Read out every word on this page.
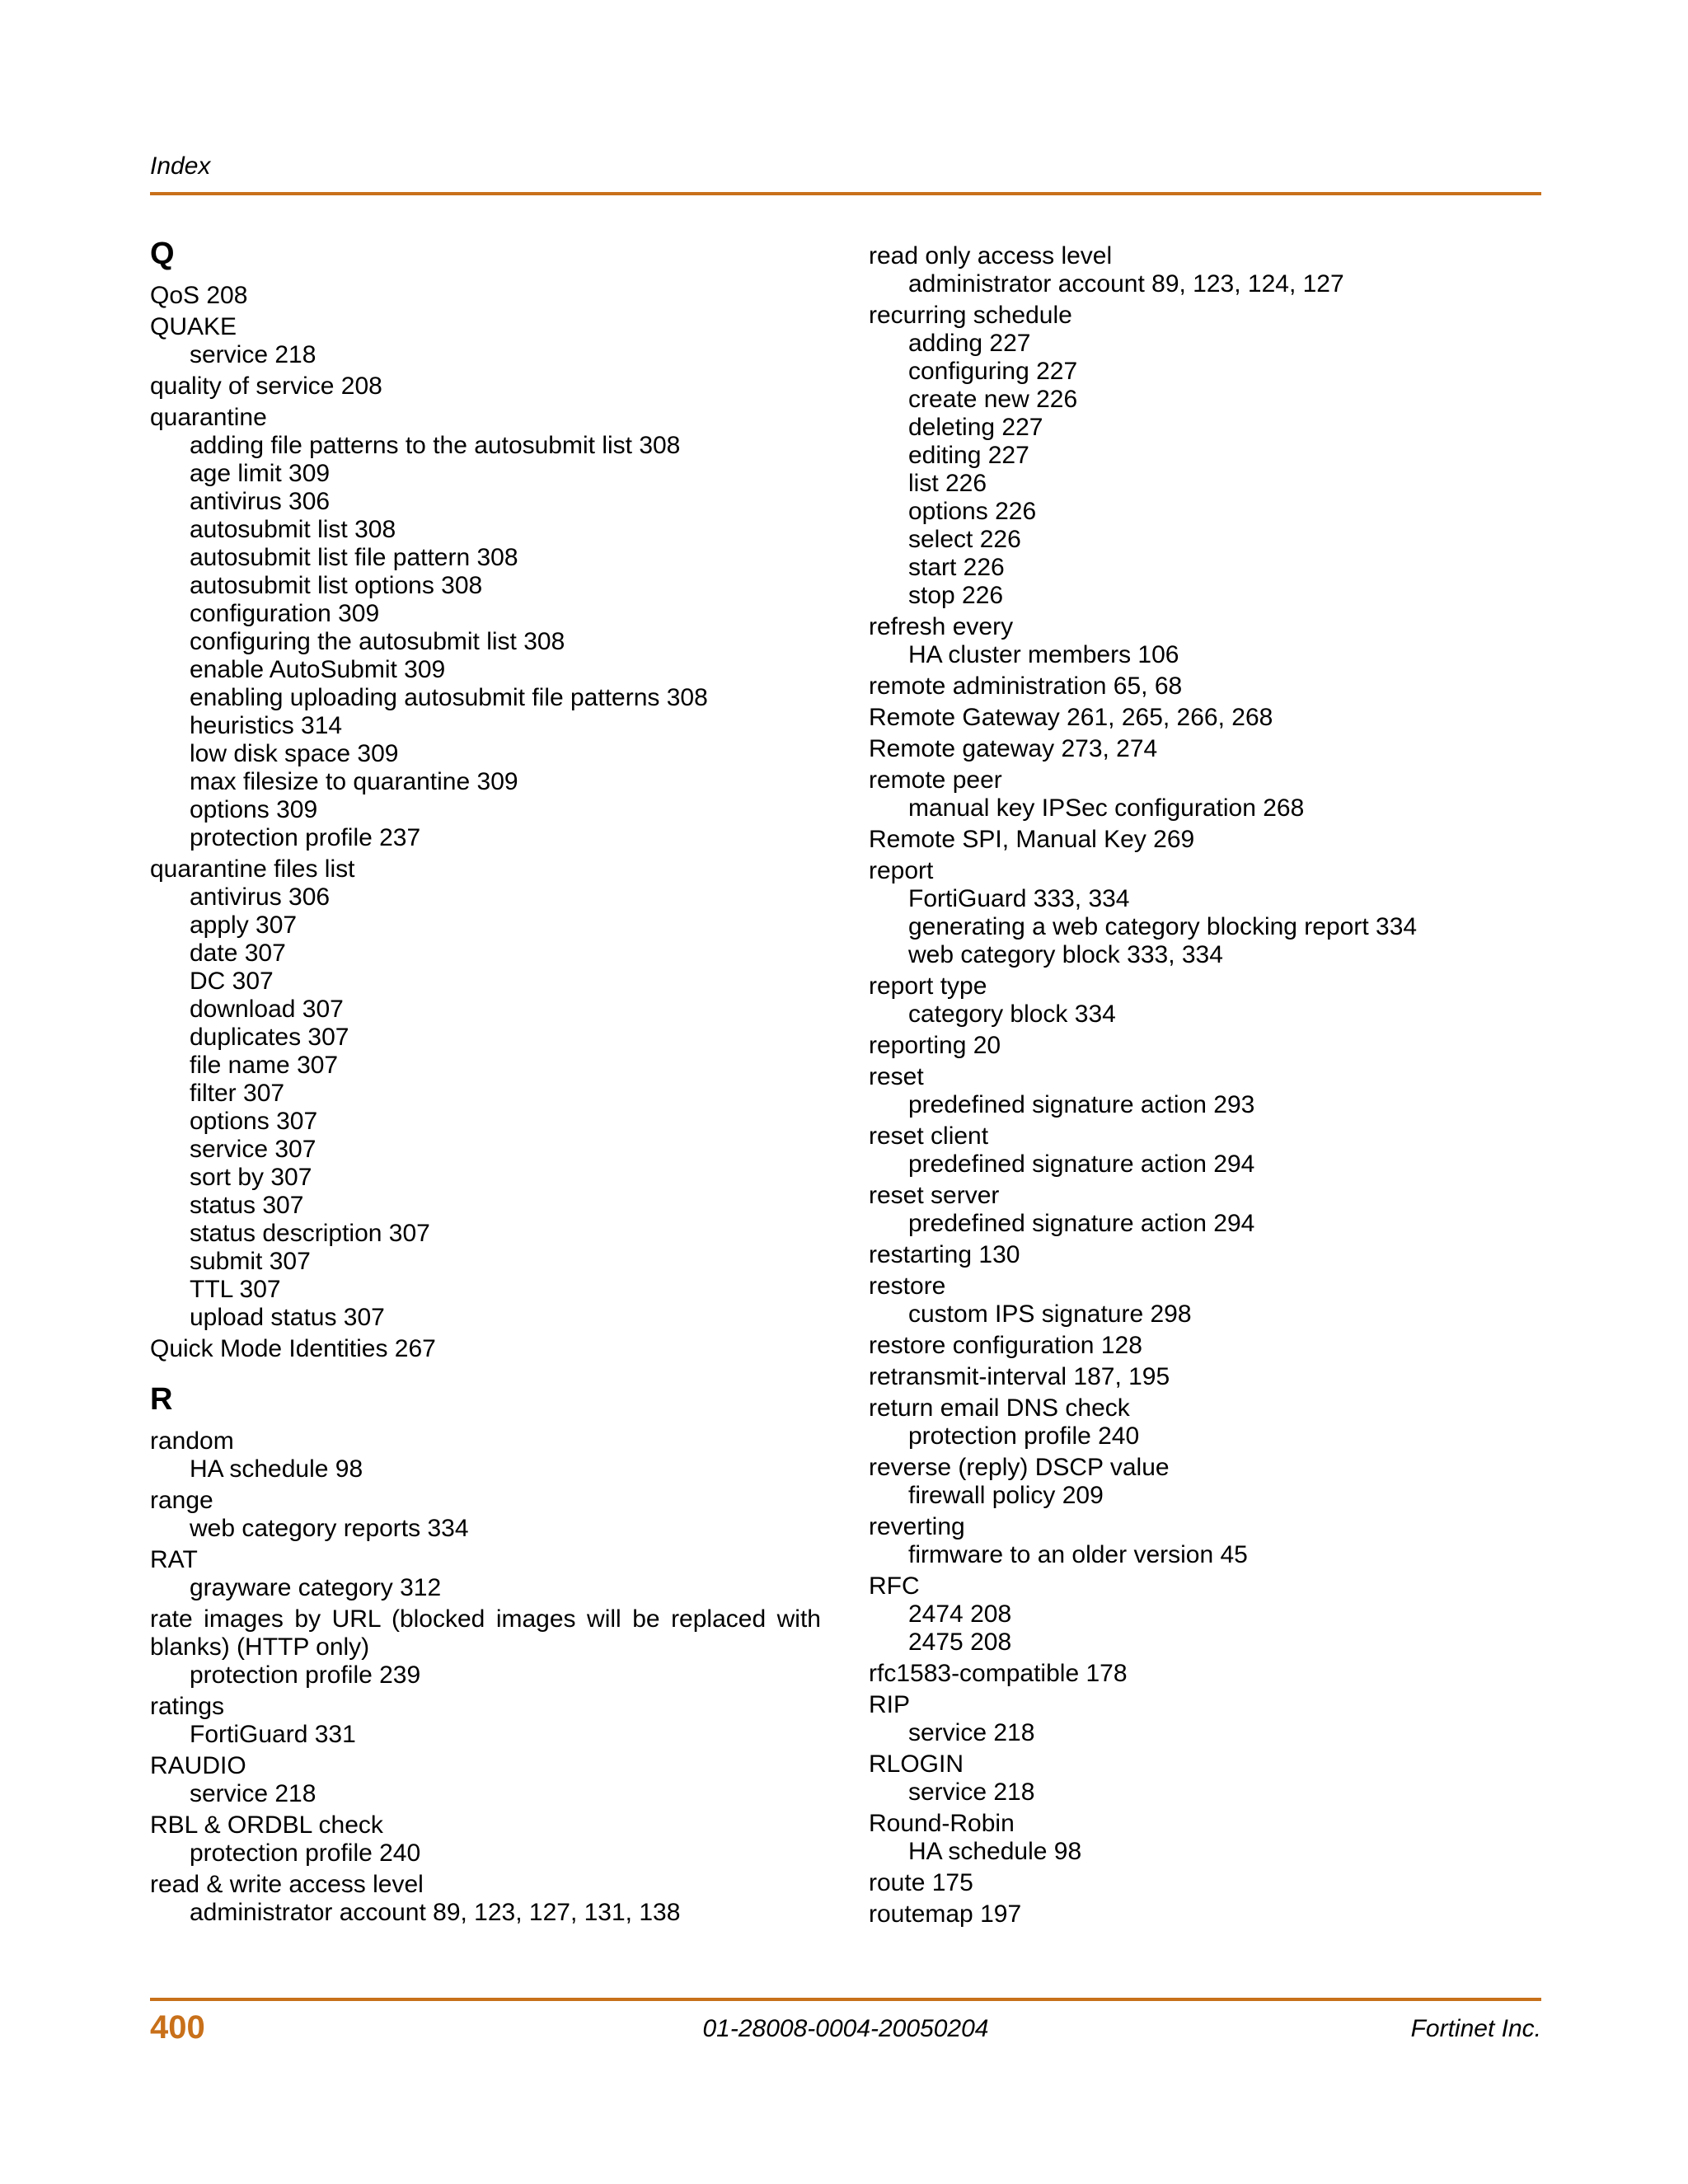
Index
Q
QoS 208
QUAKE
service 218
quality of service 208
quarantine
adding file patterns to the autosubmit list 308
age limit 309
antivirus 306
autosubmit list 308
autosubmit list file pattern 308
autosubmit list options 308
configuration 309
configuring the autosubmit list 308
enable AutoSubmit 309
enabling uploading autosubmit file patterns 308
heuristics 314
low disk space 309
max filesize to quarantine 309
options 309
protection profile 237
quarantine files list
antivirus 306
apply 307
date 307
DC 307
download 307
duplicates 307
file name 307
filter 307
options 307
service 307
sort by 307
status 307
status description 307
submit 307
TTL 307
upload status 307
Quick Mode Identities 267
R
random
HA schedule 98
range
web category reports 334
RAT
grayware category 312
rate images by URL (blocked images will be replaced with blanks) (HTTP only)
protection profile 239
ratings
FortiGuard 331
RAUDIO
service 218
RBL & ORDBL check
protection profile 240
read & write access level
administrator account 89, 123, 127, 131, 138
read only access level
administrator account 89, 123, 124, 127
recurring schedule
adding 227
configuring 227
create new 226
deleting 227
editing 227
list 226
options 226
select 226
start 226
stop 226
refresh every
HA cluster members 106
remote administration 65, 68
Remote Gateway 261, 265, 266, 268
Remote gateway 273, 274
remote peer
manual key IPSec configuration 268
Remote SPI, Manual Key 269
report
FortiGuard 333, 334
generating a web category blocking report 334
web category block 333, 334
report type
category block 334
reporting 20
reset
predefined signature action 293
reset client
predefined signature action 294
reset server
predefined signature action 294
restarting 130
restore
custom IPS signature 298
restore configuration 128
retransmit-interval 187, 195
return email DNS check
protection profile 240
reverse (reply) DSCP value
firewall policy 209
reverting
firmware to an older version 45
RFC
2474 208
2475 208
rfc1583-compatible 178
RIP
service 218
RLOGIN
service 218
Round-Robin
HA schedule 98
route 175
routemap 197
400	01-28008-0004-20050204	Fortinet Inc.
